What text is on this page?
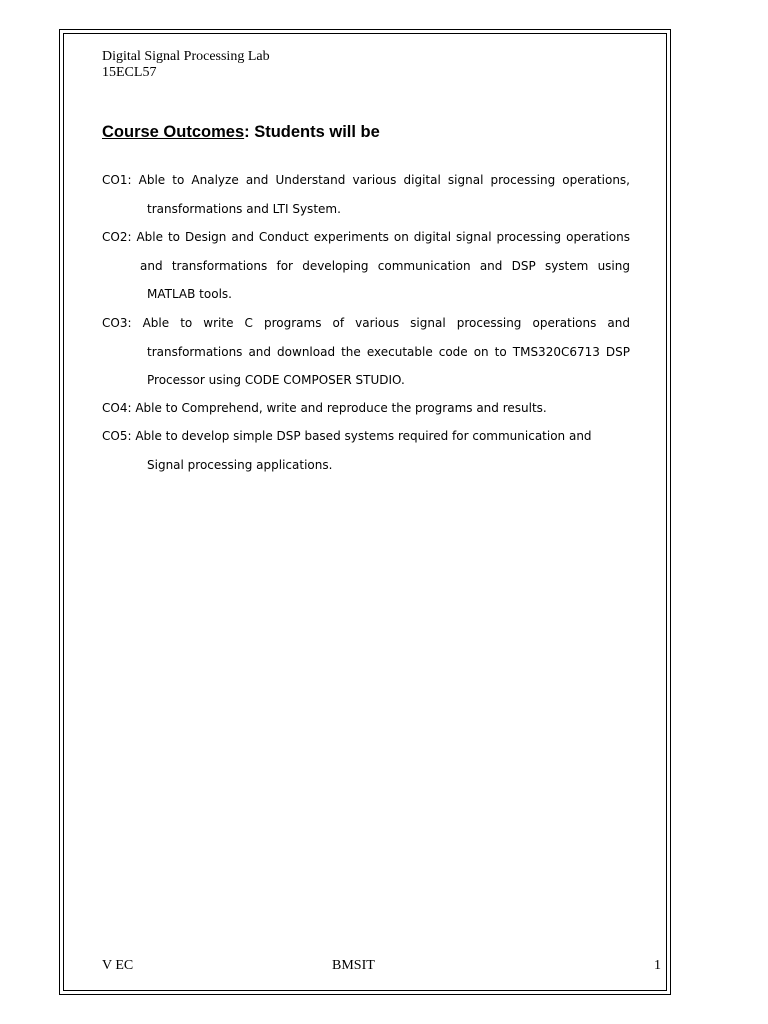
Digital Signal Processing Lab
15ECL57
Course Outcomes: Students will be
CO1: Able to Analyze and Understand various digital signal processing operations,
transformations and LTI System.
CO2: Able to Design and Conduct experiments on digital signal processing operations
and transformations for developing communication and DSP system using
MATLAB tools.
CO3: Able to write C programs of various signal processing operations and
transformations and download the executable code on to TMS320C6713 DSP
Processor using CODE COMPOSER STUDIO.
CO4: Able to Comprehend, write and reproduce the programs and results.
CO5: Able to develop simple DSP based systems required for communication and
Signal processing applications.
V EC	BMSIT	1
